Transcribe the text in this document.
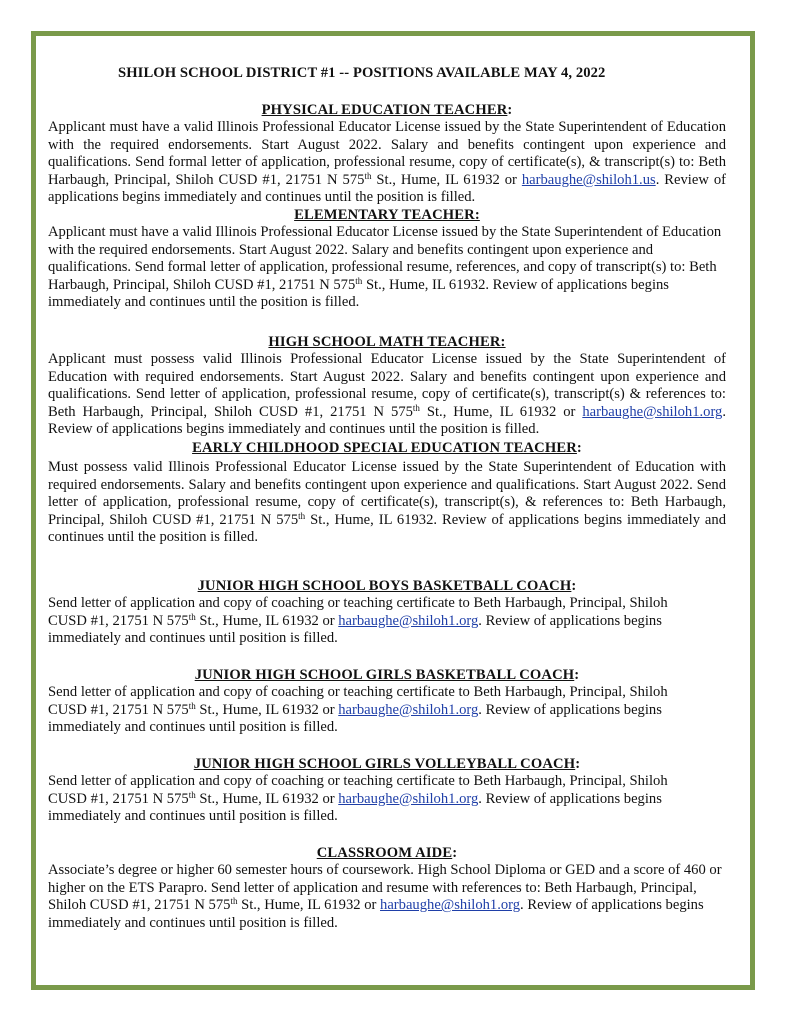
SHILOH SCHOOL DISTRICT #1 -- POSITIONS AVAILABLE MAY 4, 2022
PHYSICAL EDUCATION TEACHER:

Applicant must have a valid Illinois Professional Educator License issued by the State Superintendent of Education with the required endorsements. Start August 2022. Salary and benefits contingent upon experience and qualifications. Send formal letter of application, professional resume, copy of certificate(s), & transcript(s) to: Beth Harbaugh, Principal, Shiloh CUSD #1, 21751 N 575th St., Hume, IL 61932 or harbaughe@shiloh1.us. Review of applications begins immediately and continues until the position is filled.

ELEMENTARY TEACHER:

Applicant must have a valid Illinois Professional Educator License issued by the State Superintendent of Education with the required endorsements. Start August 2022. Salary and benefits contingent upon experience and qualifications. Send formal letter of application, professional resume, references, and copy of transcript(s) to: Beth Harbaugh, Principal, Shiloh CUSD #1, 21751 N 575th St., Hume, IL 61932. Review of applications begins immediately and continues until the position is filled.

HIGH SCHOOL MATH TEACHER:

Applicant must possess valid Illinois Professional Educator License issued by the State Superintendent of Education with required endorsements. Start August 2022. Salary and benefits contingent upon experience and qualifications. Send letter of application, professional resume, copy of certificate(s), transcript(s) & references to: Beth Harbaugh, Principal, Shiloh CUSD #1, 21751 N 575th St., Hume, IL 61932 or harbaughe@shiloh1.org. Review of applications begins immediately and continues until the position is filled.

EARLY CHILDHOOD SPECIAL EDUCATION TEACHER:

Must possess valid Illinois Professional Educator License issued by the State Superintendent of Education with required endorsements. Salary and benefits contingent upon experience and qualifications. Start August 2022. Send letter of application, professional resume, copy of certificate(s), transcript(s), & references to: Beth Harbaugh, Principal, Shiloh CUSD #1, 21751 N 575th St., Hume, IL 61932. Review of applications begins immediately and continues until the position is filled.

JUNIOR HIGH SCHOOL BOYS BASKETBALL COACH:

Send letter of application and copy of coaching or teaching certificate to Beth Harbaugh, Principal, Shiloh CUSD #1, 21751 N 575th St., Hume, IL 61932 or harbaughe@shiloh1.org. Review of applications begins immediately and continues until position is filled.

JUNIOR HIGH SCHOOL GIRLS BASKETBALL COACH:

Send letter of application and copy of coaching or teaching certificate to Beth Harbaugh, Principal, Shiloh CUSD #1, 21751 N 575th St., Hume, IL 61932 or harbaughe@shiloh1.org. Review of applications begins immediately and continues until position is filled.

JUNIOR HIGH SCHOOL GIRLS VOLLEYBALL COACH:

Send letter of application and copy of coaching or teaching certificate to Beth Harbaugh, Principal, Shiloh CUSD #1, 21751 N 575th St., Hume, IL 61932 or harbaughe@shiloh1.org. Review of applications begins immediately and continues until position is filled.

CLASSROOM AIDE:

Associate’s degree or higher 60 semester hours of coursework. High School Diploma or GED and a score of 460 or higher on the ETS Parapro. Send letter of application and resume with references to: Beth Harbaugh, Principal, Shiloh CUSD #1, 21751 N 575th St., Hume, IL 61932 or harbaughe@shiloh1.org. Review of applications begins immediately and continues until position is filled.
